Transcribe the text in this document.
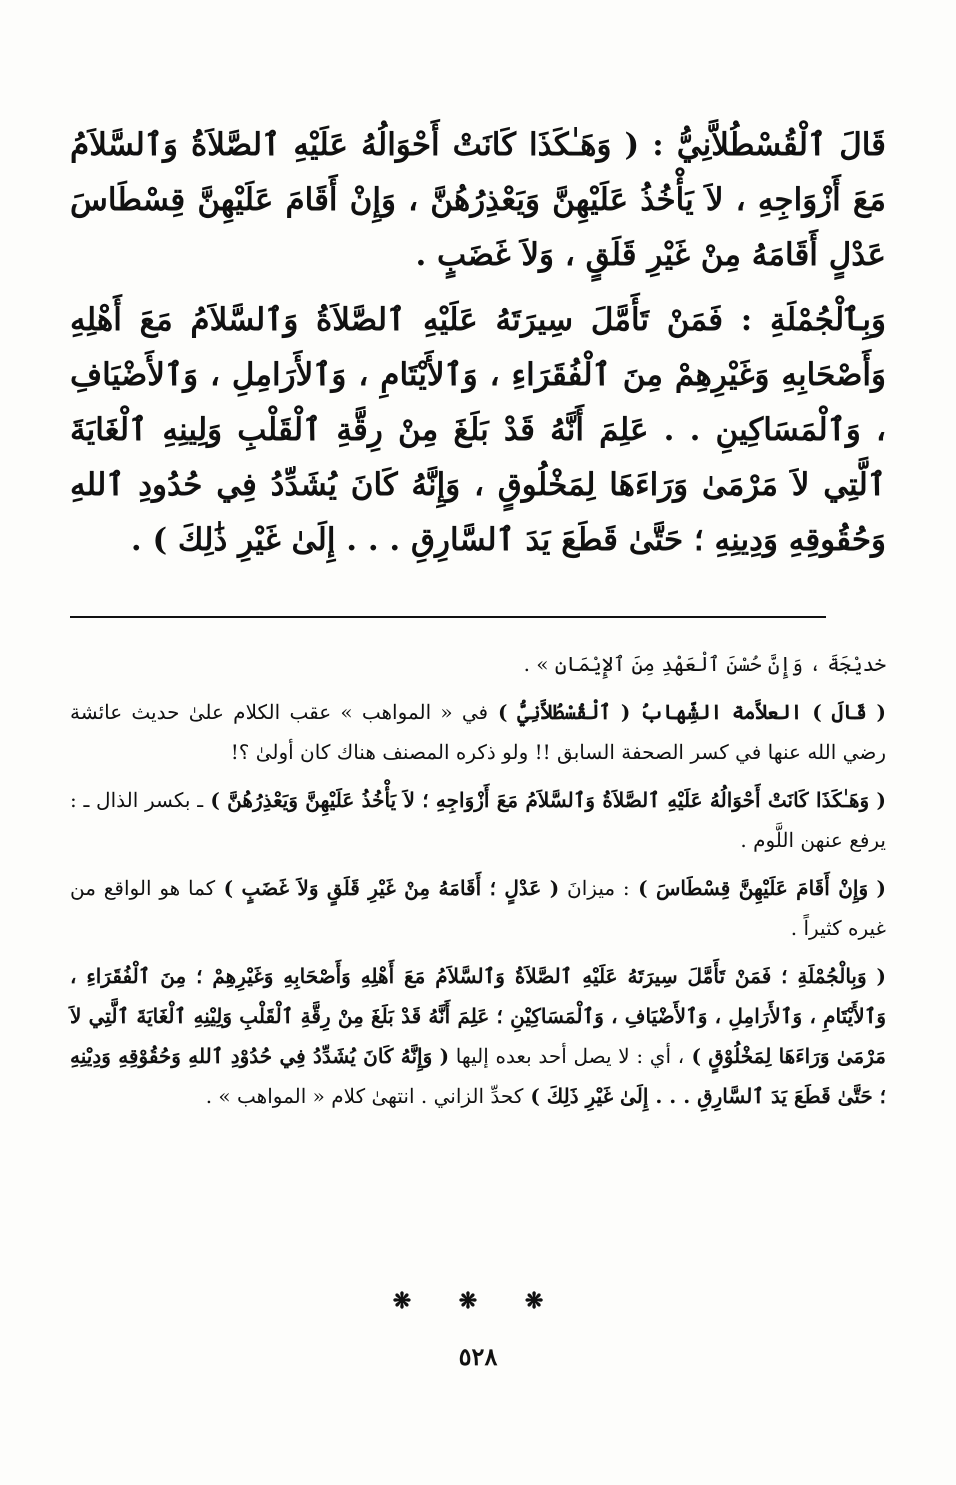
قَالَ ٱلْقُسْطُلاَّنِيُّ : ( وَهَـٰكَذَا كَانَتْ أَحْوَالُهُ عَلَيْهِ ٱلصَّلاَةُ وَٱلسَّلاَمُ مَعَ أَزْوَاجِهِ ، لاَ يَأْخُذُ عَلَيْهِنَّ وَيَعْذِرُهُنَّ ، وَإِنْ أَقَامَ عَلَيْهِنَّ قِسْطَاسَ عَدْلٍ أَقَامَهُ مِنْ غَيْرِ قَلَقٍ ، وَلاَ غَضَبٍ .

وَبِٱلْجُمْلَةِ : فَمَنْ تَأَمَّلَ سِيرَتَهُ عَلَيْهِ ٱلصَّلاَةُ وَٱلسَّلاَمُ مَعَ أَهْلِهِ وَأَصْحَابِهِ وَغَيْرِهِمْ مِنَ ٱلْفُقَرَاءِ ، وَٱلأَيْتَامِ ، وَٱلأَرَامِلِ ، وَٱلأَضْيَافِ ، وَٱلْمَسَاكِينِ . . عَلِمَ أَنَّهُ قَدْ بَلَغَ مِنْ رِقَّةِ ٱلْقَلْبِ وَلِينِهِ ٱلْغَايَةَ ٱلَّتِي لاَ مَرْمَىٰ وَرَاءَهَا لِمَخْلُوقٍ ، وَإِنَّهُ كَانَ يُشَدِّدُ فِي حُدُودِ ٱللهِ وَحُقُوقِهِ وَدِينِهِ ؛ حَتَّىٰ قَطَعَ يَدَ ٱلسَّارِقِ . . . إِلَىٰ غَيْرِ ذَٰلِكَ ) .

خديْجَةَ ، وَإِنَّ حُسْنَ ٱلْعَهْدِ مِنَ ٱلإِيْمَانِ » .

( قَالَ ) العلاَّمة الشِّهابُ ( ٱلْقُسْطُلاَّنِيُّ ) في « المواهب » عقب الكلام علىٰ حديث عائشة رضي الله عنها في كسر الصحفة السابق !! ولو ذكره المصنف هناك كان أولىٰ ؟!

( وَهَـٰكَذَا كَانَتْ أَحْوَالُهُ عَلَيْهِ ٱلصَّلاَةُ وَٱلسَّلاَمُ مَعَ أَزْوَاجِهِ ؛ لاَ يَأْخُذُ عَلَيْهِنَّ وَيَعْذِرُهُنَّ ) ـ بكسر الذال ـ : يرفع عنهن اللَّوم .

( وَإِنْ أَقَامَ عَلَيْهِنَّ قِسْطَاسَ ) : ميزانَ ( عَدْلٍ ؛ أَقَامَهُ مِنْ غَيْرِ قَلَقٍ وَلاَ غَضَبٍ ) كما هو الواقع من غيره كثيراً .

( وَبِالْجُمْلَةِ ؛ فَمَنْ تَأَمَّلَ سِيرَتَهُ عَلَيْهِ ٱلصَّلاَةُ وَٱلسَّلاَمُ مَعَ أَهْلِهِ وَأَصْحَابِهِ وَغَيْرِهِمْ ؛ مِنَ ٱلْفُقَرَاءِ ، وَٱلأَيْتَامِ ، وَٱلأَرَامِلِ ، وَٱلأَضْيَافِ ، وَٱلْمَسَاكِيْنِ ؛ عَلِمَ أَنَّهُ قَدْ بَلَغَ مِنْ رِقَّةِ ٱلْقَلْبِ وَلِيْنِهِ ٱلْغَايَةَ ٱلَّتِي لاَ مَرْمَىٰ وَرَاءَهَا لِمَخْلُوْقٍ ) ، أي : لا يصل أحد بعده إليها ( وَإِنَّهُ كَانَ يُشَدِّدُ فِي حُدُوْدِ ٱللهِ وَحُقُوْقِهِ وَدِيْنِهِ ؛ حَتَّىٰ قَطَعَ يَدَ ٱلسَّارِقِ . . . إِلَىٰ غَيْرِ ذَلِكَ ) كحدِّ الزاني . انتهىٰ كلام « المواهب » .

❋ ❋ ❋
٥٢٨
